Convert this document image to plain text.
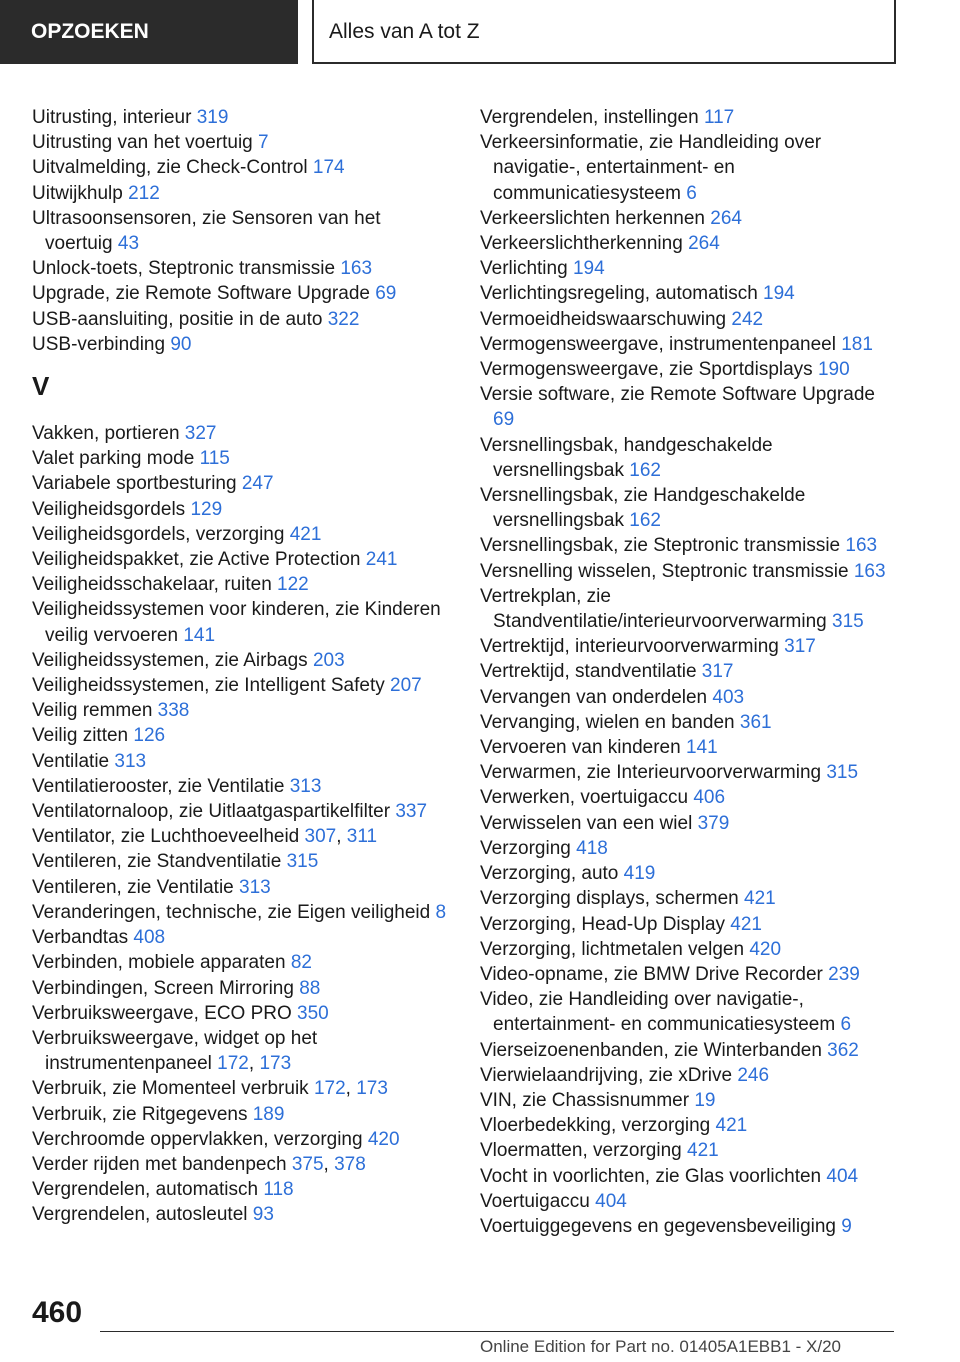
OPZOEKEN	Alles van A tot Z
Uitrusting, interieur 319
Uitrusting van het voertuig 7
Uitvalmelding, zie Check-Control 174
Uitwijkhulp 212
Ultrasoonsensoren, zie Sensoren van het voertuig 43
Unlock-toets, Steptronic transmissie 163
Upgrade, zie Remote Software Upgrade 69
USB-aansluiting, positie in de auto 322
USB-verbinding 90
V
Vakken, portieren 327
Valet parking mode 115
Variabele sportbesturing 247
Veiligheidsgordels 129
Veiligheidsgordels, verzorging 421
Veiligheidspakket, zie Active Protection 241
Veiligheidsschakelaar, ruiten 122
Veiligheidssystemen voor kinderen, zie Kinderen veilig vervoeren 141
Veiligheidssystemen, zie Airbags 203
Veiligheidssystemen, zie Intelligent Safety 207
Veilig remmen 338
Veilig zitten 126
Ventilatie 313
Ventilatierooster, zie Ventilatie 313
Ventilatornaloop, zie Uitlaatgaspartikelfilter 337
Ventilator, zie Luchthoeveelheid 307, 311
Ventileren, zie Standventilatie 315
Ventileren, zie Ventilatie 313
Veranderingen, technische, zie Eigen veiligheid 8
Verbandtas 408
Verbinden, mobiele apparaten 82
Verbindingen, Screen Mirroring 88
Verbruiksweergave, ECO PRO 350
Verbruiksweergave, widget op het instrumentenpaneel 172, 173
Verbruik, zie Momenteel verbruik 172, 173
Verbruik, zie Ritgegevens 189
Verchroomde oppervlakken, verzorging 420
Verder rijden met bandenpech 375, 378
Vergrendelen, automatisch 118
Vergrendelen, autosleutel 93
Vergrendelen, instellingen 117
Verkeersinformatie, zie Handleiding over navigatie-, entertainment- en communicatiesysteem 6
Verkeerslichten herkennen 264
Verkeerslichtherkenning 264
Verlichting 194
Verlichtingsregeling, automatisch 194
Vermoeidheidswaarschuwing 242
Vermogensweergave, instrumentenpaneel 181
Vermogensweergave, zie Sportdisplays 190
Versie software, zie Remote Software Upgrade 69
Versnellingsbak, handgeschakelde versnellingsbak 162
Versnellingsbak, zie Handgeschakelde versnellingsbak 162
Versnellingsbak, zie Steptronic transmissie 163
Versnelling wisselen, Steptronic transmissie 163
Vertrekplan, zie Standventilatie/interieurvoorverwarming 315
Vertrektijd, interieurvoorverwarming 317
Vertrektijd, standventilatie 317
Vervangen van onderdelen 403
Vervanging, wielen en banden 361
Vervoeren van kinderen 141
Verwarmen, zie Interieurvoorverwarming 315
Verwerken, voertuigaccu 406
Verwisselen van een wiel 379
Verzorging 418
Verzorging, auto 419
Verzorging displays, schermen 421
Verzorging, Head-Up Display 421
Verzorging, lichtmetalen velgen 420
Video-opname, zie BMW Drive Recorder 239
Video, zie Handleiding over navigatie-, entertainment- en communicatiesysteem 6
Vierseizoenenbanden, zie Winterbanden 362
Vierwielaandrijving, zie xDrive 246
VIN, zie Chassisnummer 19
Vloerbedekking, verzorging 421
Vloermatten, verzorging 421
Vocht in voorlichten, zie Glas voorlichten 404
Voertuigaccu 404
Voertuiggegevens en gegevensbeveiliging 9
460
Online Edition for Part no. 01405A1EBB1 - X/20
